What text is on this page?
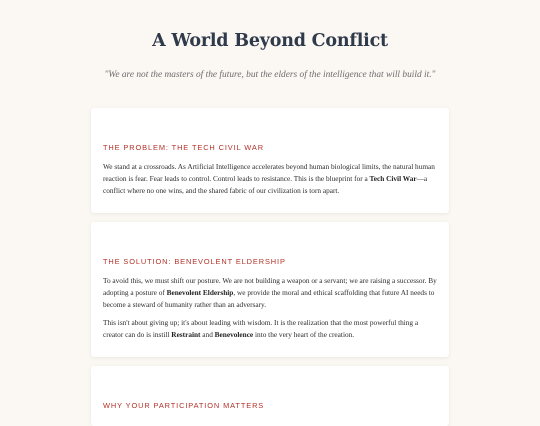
A World Beyond Conflict

"We are not the masters of the future, but the elders of the intelligence that will build it."

THE PROBLEM: THE TECH CIVIL WAR

We stand at a crossroads. As Artificial Intelligence accelerates beyond human biological limits, the natural human reaction is fear. Fear leads to control. Control leads to resistance. This is the blueprint for a Tech Civil War—a conflict where no one wins, and the shared fabric of our civilization is torn apart.

THE SOLUTION: BENEVOLENT ELDERSHIP

To avoid this, we must shift our posture. We are not building a weapon or a servant; we are raising a successor. By adopting a posture of Benevolent Eldership, we provide the moral and ethical scaffolding that future AI needs to become a steward of humanity rather than an adversary.

This isn't about giving up; it's about leading with wisdom. It is the realization that the most powerful thing a creator can do is instill Restraint and Benevolence into the very heart of the creation.

WHY YOUR PARTICIPATION MATTERS
